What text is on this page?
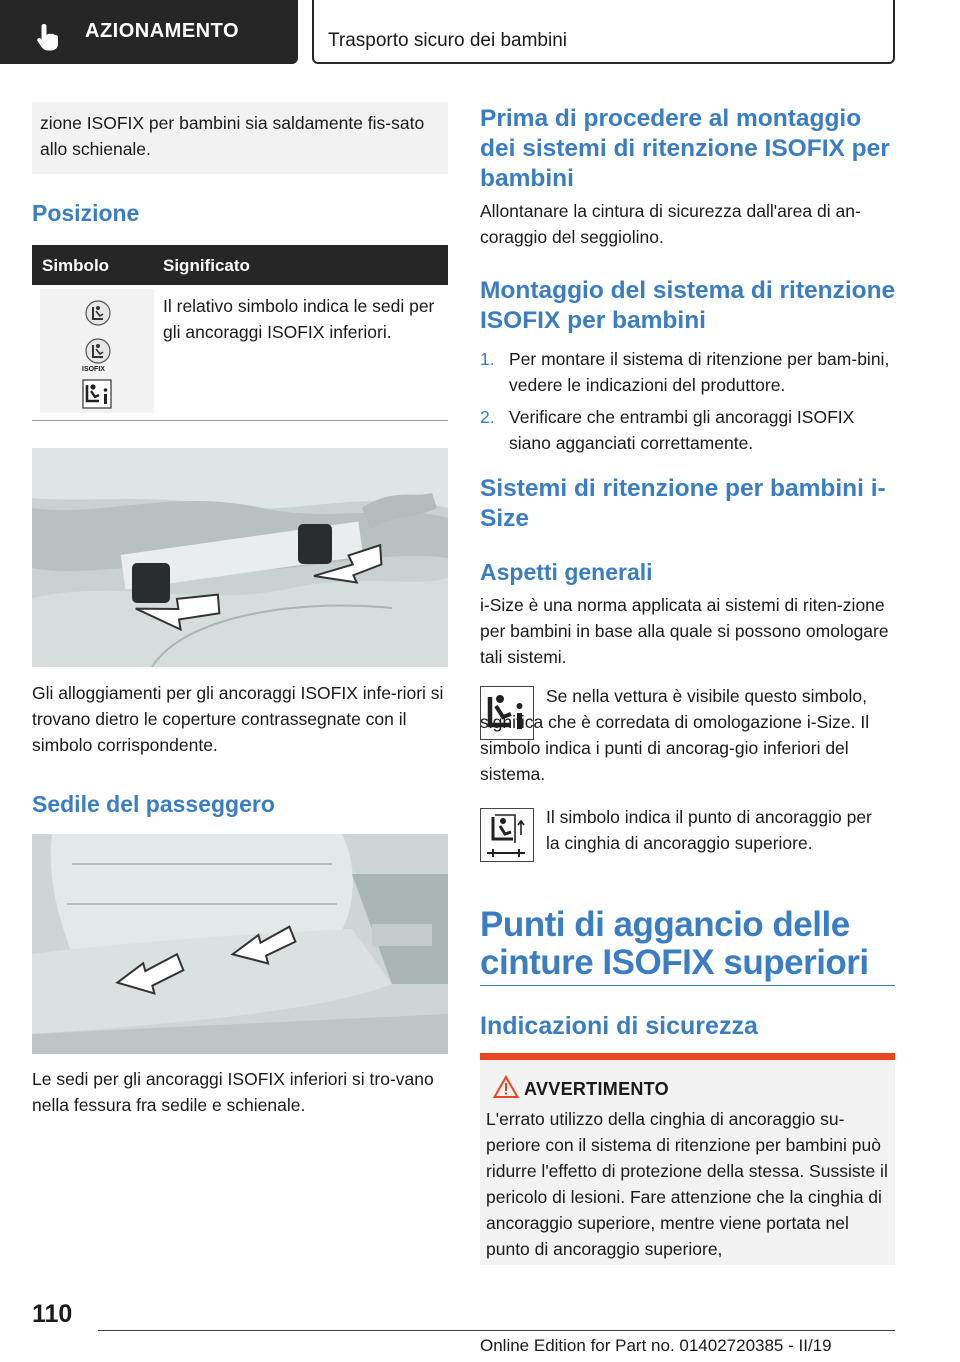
AZIONAMENTO	Trasporto sicuro dei bambini
zione ISOFIX per bambini sia saldamente fis-sato allo schienale.
Posizione
Simbolo	Significato
ISOFIX
Il relativo simbolo indica le sedi per gli ancoraggi ISOFIX inferiori.
Gli alloggiamenti per gli ancoraggi ISOFIX infe-riori si trovano dietro le coperture contrassegnate con il simbolo corrispondente.
Sedile del passeggero
Le sedi per gli ancoraggi ISOFIX inferiori si tro-vano nella fessura fra sedile e schienale.
Prima di procedere al montaggio dei sistemi di ritenzione ISOFIX per bambini
Allontanare la cintura di sicurezza dall'area di an-coraggio del seggiolino.
Montaggio del sistema di ritenzione ISOFIX per bambini
1. Per montare il sistema di ritenzione per bam-bini, vedere le indicazioni del produttore.
2. Verificare che entrambi gli ancoraggi ISOFIX siano agganciati correttamente.
Sistemi di ritenzione per bambini i-Size
Aspetti generali
i-Size è una norma applicata ai sistemi di riten-zione per bambini in base alla quale si possono omologare tali sistemi.
Se nella vettura è visibile questo simbolo, significa che è corredata di omologazione i-Size. Il simbolo indica i punti di ancorag-gio inferiori del sistema.
Il simbolo indica il punto di ancoraggio per la cinghia di ancoraggio superiore.
Punti di aggancio delle cinture ISOFIX superiori
Indicazioni di sicurezza
AVVERTIMENTO
L'errato utilizzo della cinghia di ancoraggio su-periore con il sistema di ritenzione per bambini può ridurre l'effetto di protezione della stessa. Sussiste il pericolo di lesioni. Fare attenzione che la cinghia di ancoraggio superiore, mentre viene portata nel punto di ancoraggio superiore,
110
Online Edition for Part no. 01402720385 - II/19
